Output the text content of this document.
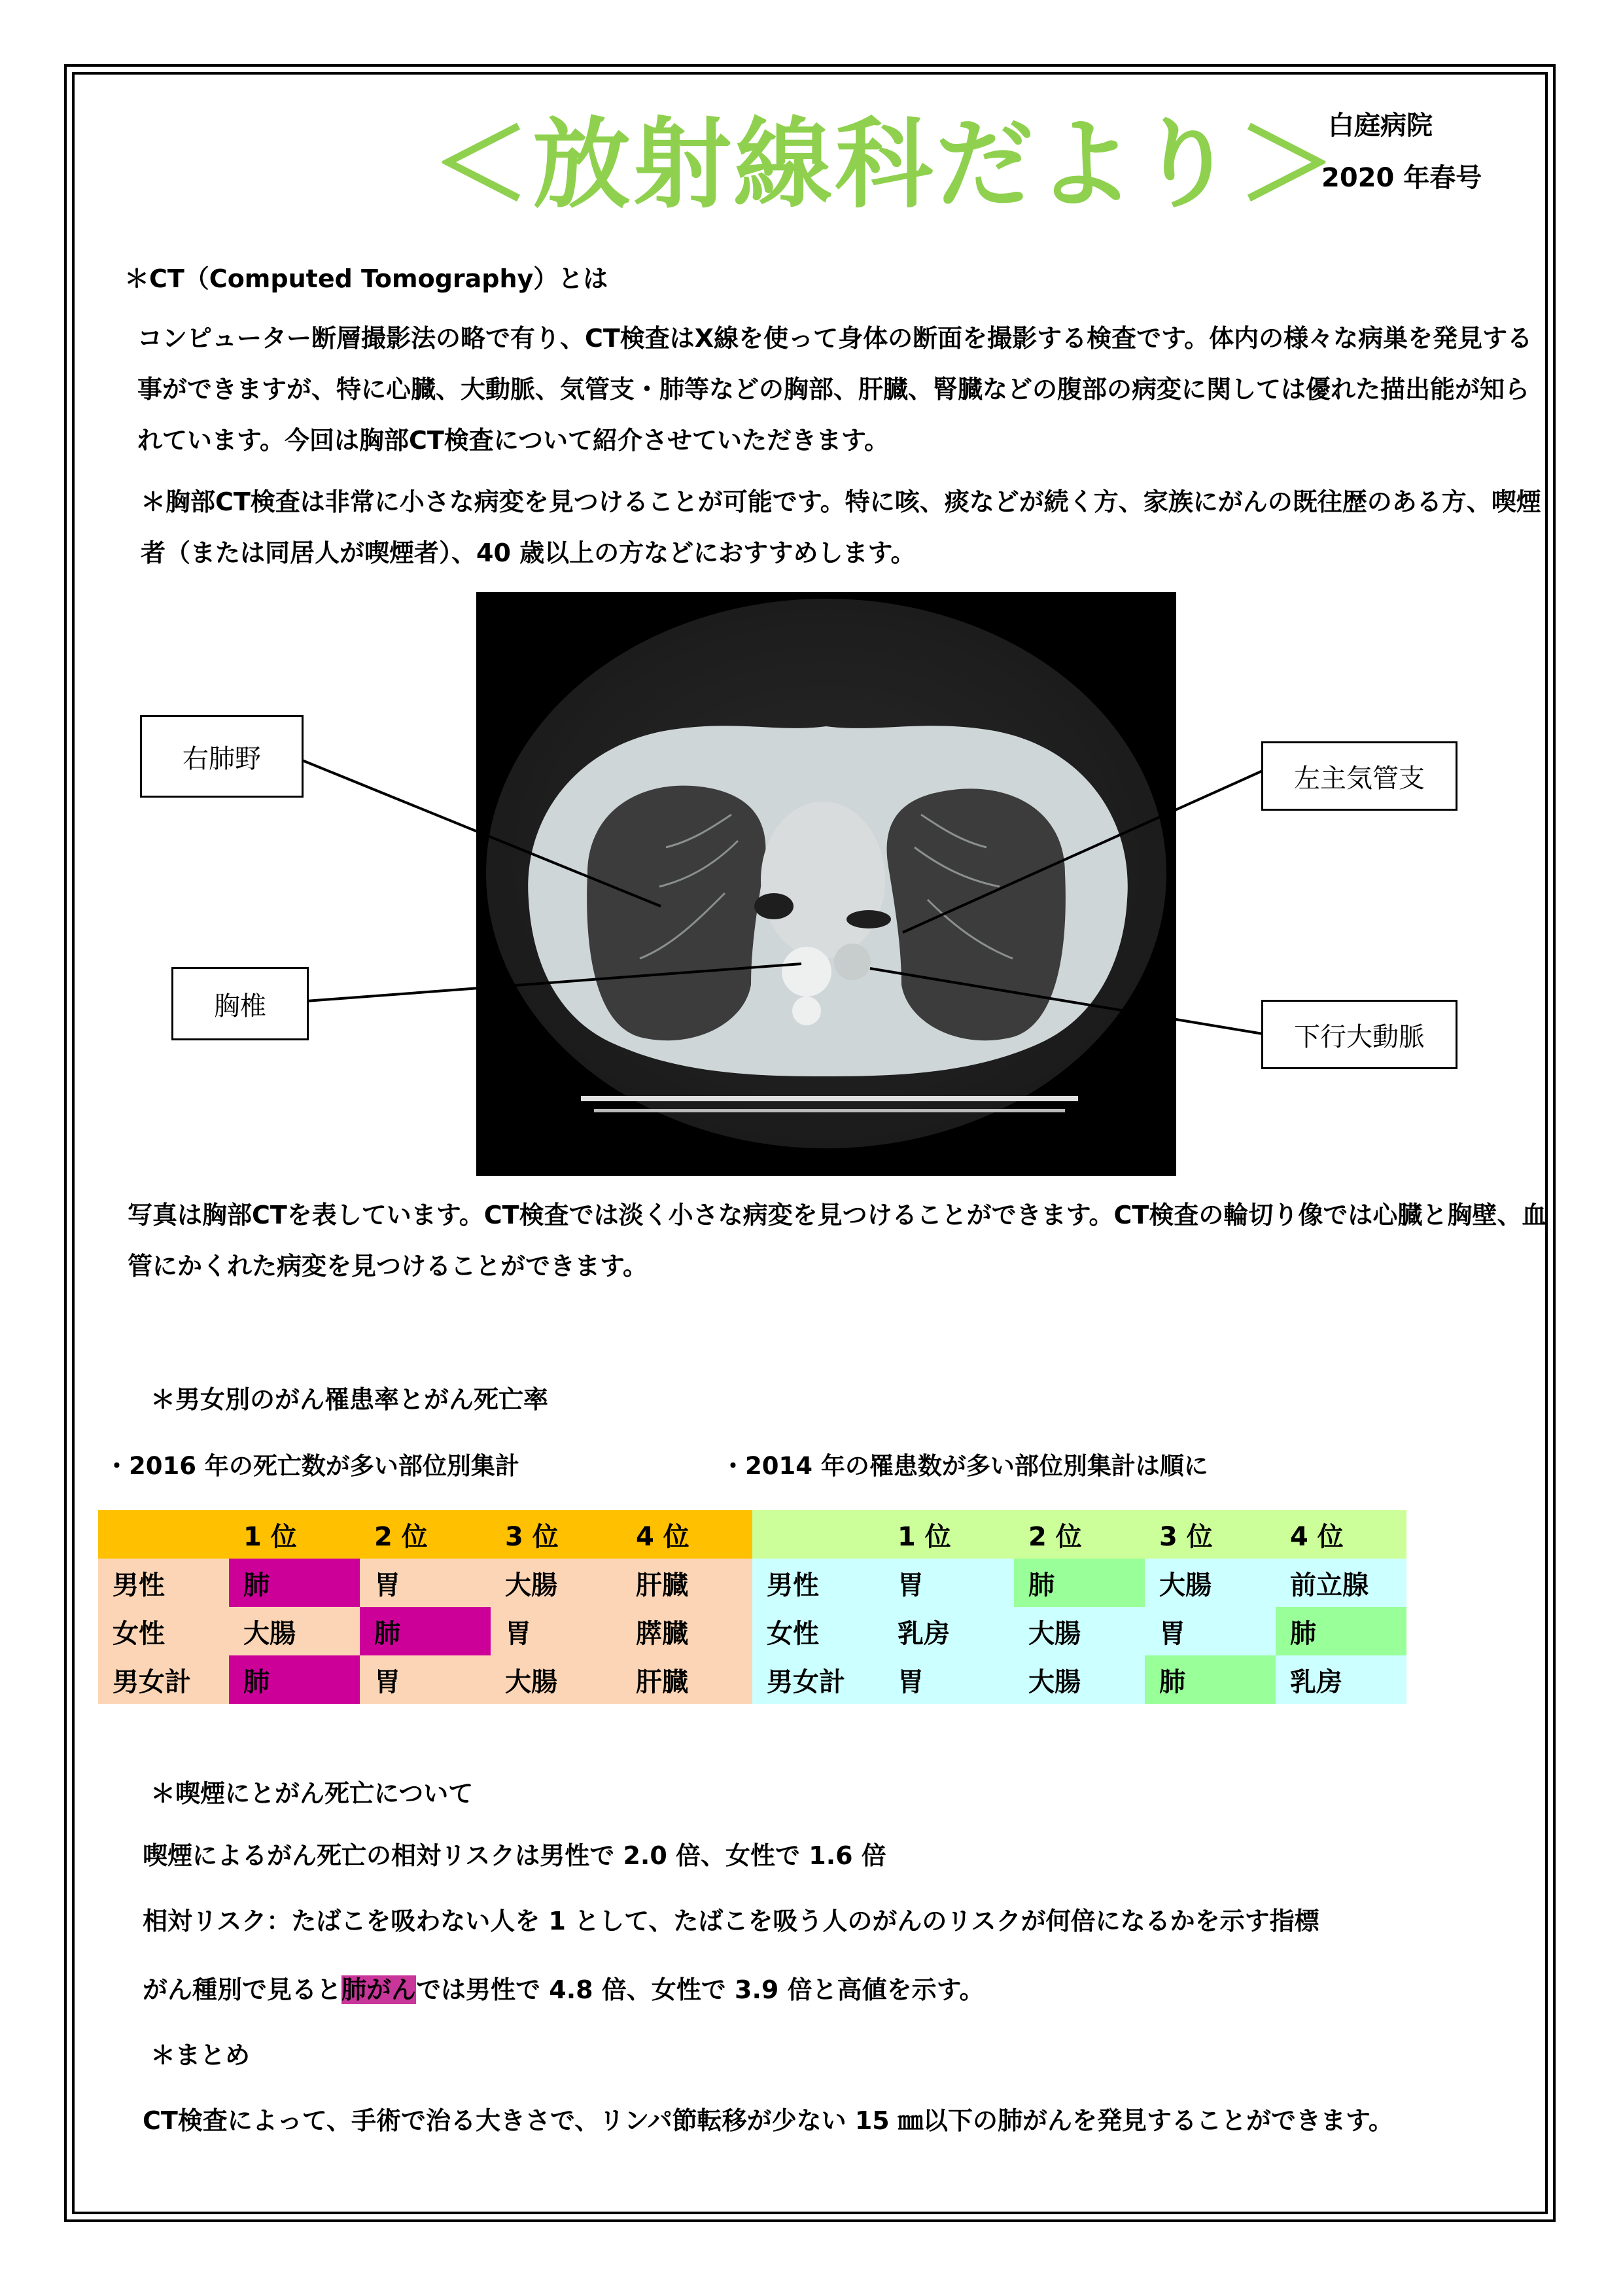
＜放射線科だより＞
白庭病院
2020 年春号
＊CT（Computed Tomography）とは
コンピューター断層撮影法の略で有り、CT検査はX線を使って身体の断面を撮影する検査です。体内の様々な病巣を発見する事ができますが、特に心臓、大動脈、気管支・肺等などの胸部、肝臓、腎臓などの腹部の病変に関しては優れた描出能が知られています。今回は胸部CT検査について紹介させていただきます。
＊胸部CT検査は非常に小さな病変を見つけることが可能です。特に咳、痰などが続く方、家族にがんの既往歴のある方、喫煙者（または同居人が喫煙者）、40 歳以上の方などにおすすめします。
右肺野
左主気管支
胸椎
下行大動脈
写真は胸部CTを表しています。CT検査では淡く小さな病変を見つけることができます。CT検査の輪切り像では心臓と胸壁、血管にかくれた病変を見つけることができます。
＊男女別のがん罹患率とがん死亡率
・2016 年の死亡数が多い部位別集計	・2014 年の罹患数が多い部位別集計は順に
	1 位	2 位	3 位	4 位
男性	肺	胃	大腸	肝臓
女性	大腸	肺	胃	膵臓
男女計	肺	胃	大腸	肝臓
	1 位	2 位	3 位	4 位
男性	胃	肺	大腸	前立腺
女性	乳房	大腸	胃	肺
男女計	胃	大腸	肺	乳房
＊喫煙にとがん死亡について
喫煙によるがん死亡の相対リスクは男性で 2.0 倍、女性で 1.6 倍
相対リスク：たばこを吸わない人を 1 として、たばこを吸う人のがんのリスクが何倍になるかを示す指標
がん種別で見ると肺がんでは男性で 4.8 倍、女性で 3.9 倍と高値を示す。
＊まとめ
CT検査によって、手術で治る大きさで、リンパ節転移が少ない 15 ㎜以下の肺がんを発見することができます。
